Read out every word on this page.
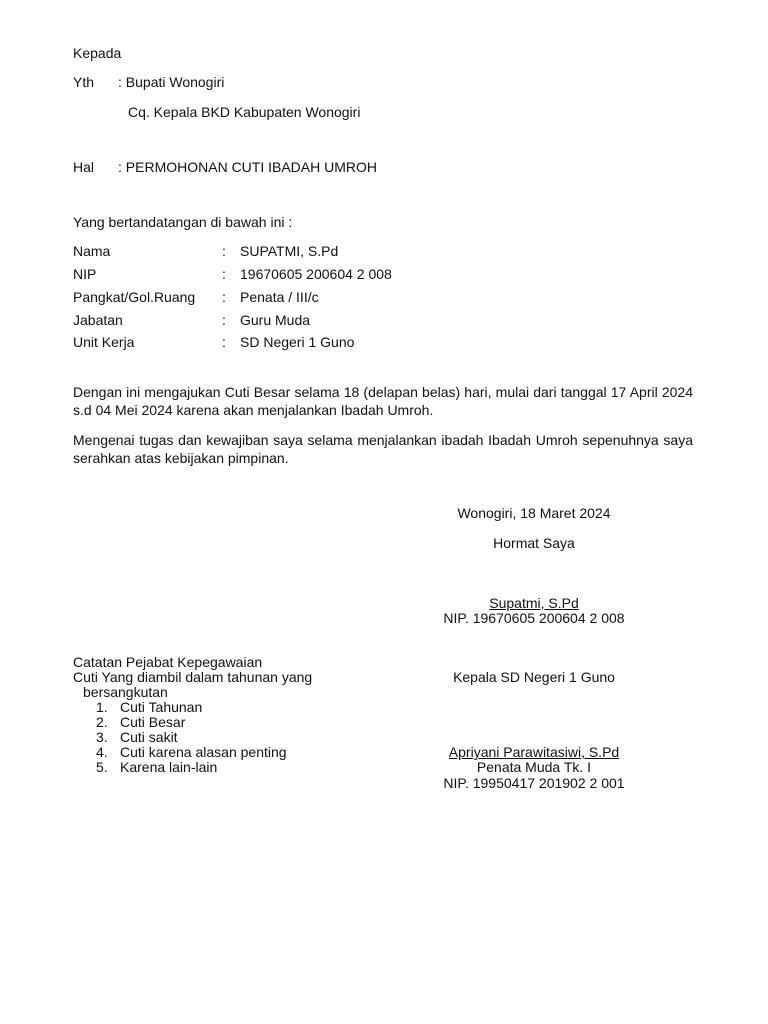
Kepada
Yth : Bupati Wonogiri
Cq. Kepala BKD Kabupaten Wonogiri
Hal : PERMOHONAN CUTI IBADAH UMROH
Yang bertandatangan di bawah ini :
Nama	: SUPATMI, S.Pd
NIP	: 19670605 200604 2 008
Pangkat/Gol.Ruang : Penata / III/c
Jabatan	: Guru Muda
Unit Kerja	: SD Negeri 1 Guno
Dengan ini mengajukan Cuti Besar selama 18 (delapan belas) hari, mulai dari tanggal 17 April 2024 s.d 04 Mei 2024 karena akan menjalankan Ibadah Umroh.
Mengenai tugas dan kewajiban saya selama menjalankan ibadah Ibadah Umroh sepenuhnya saya serahkan atas kebijakan pimpinan.
Wonogiri, 18 Maret 2024
Hormat Saya
Supatmi, S.Pd
NIP. 19670605 200604 2 008
Catatan Pejabat Kepegawaian
Cuti Yang diambil dalam tahunan yang
bersangkutan
1. Cuti Tahunan
2. Cuti Besar
3. Cuti sakit
4. Cuti karena alasan penting
5. Karena lain-lain
Kepala SD Negeri 1 Guno
Apriyani Parawitasiwi, S.Pd
Penata Muda Tk. I
NIP. 19950417 201902 2 001
